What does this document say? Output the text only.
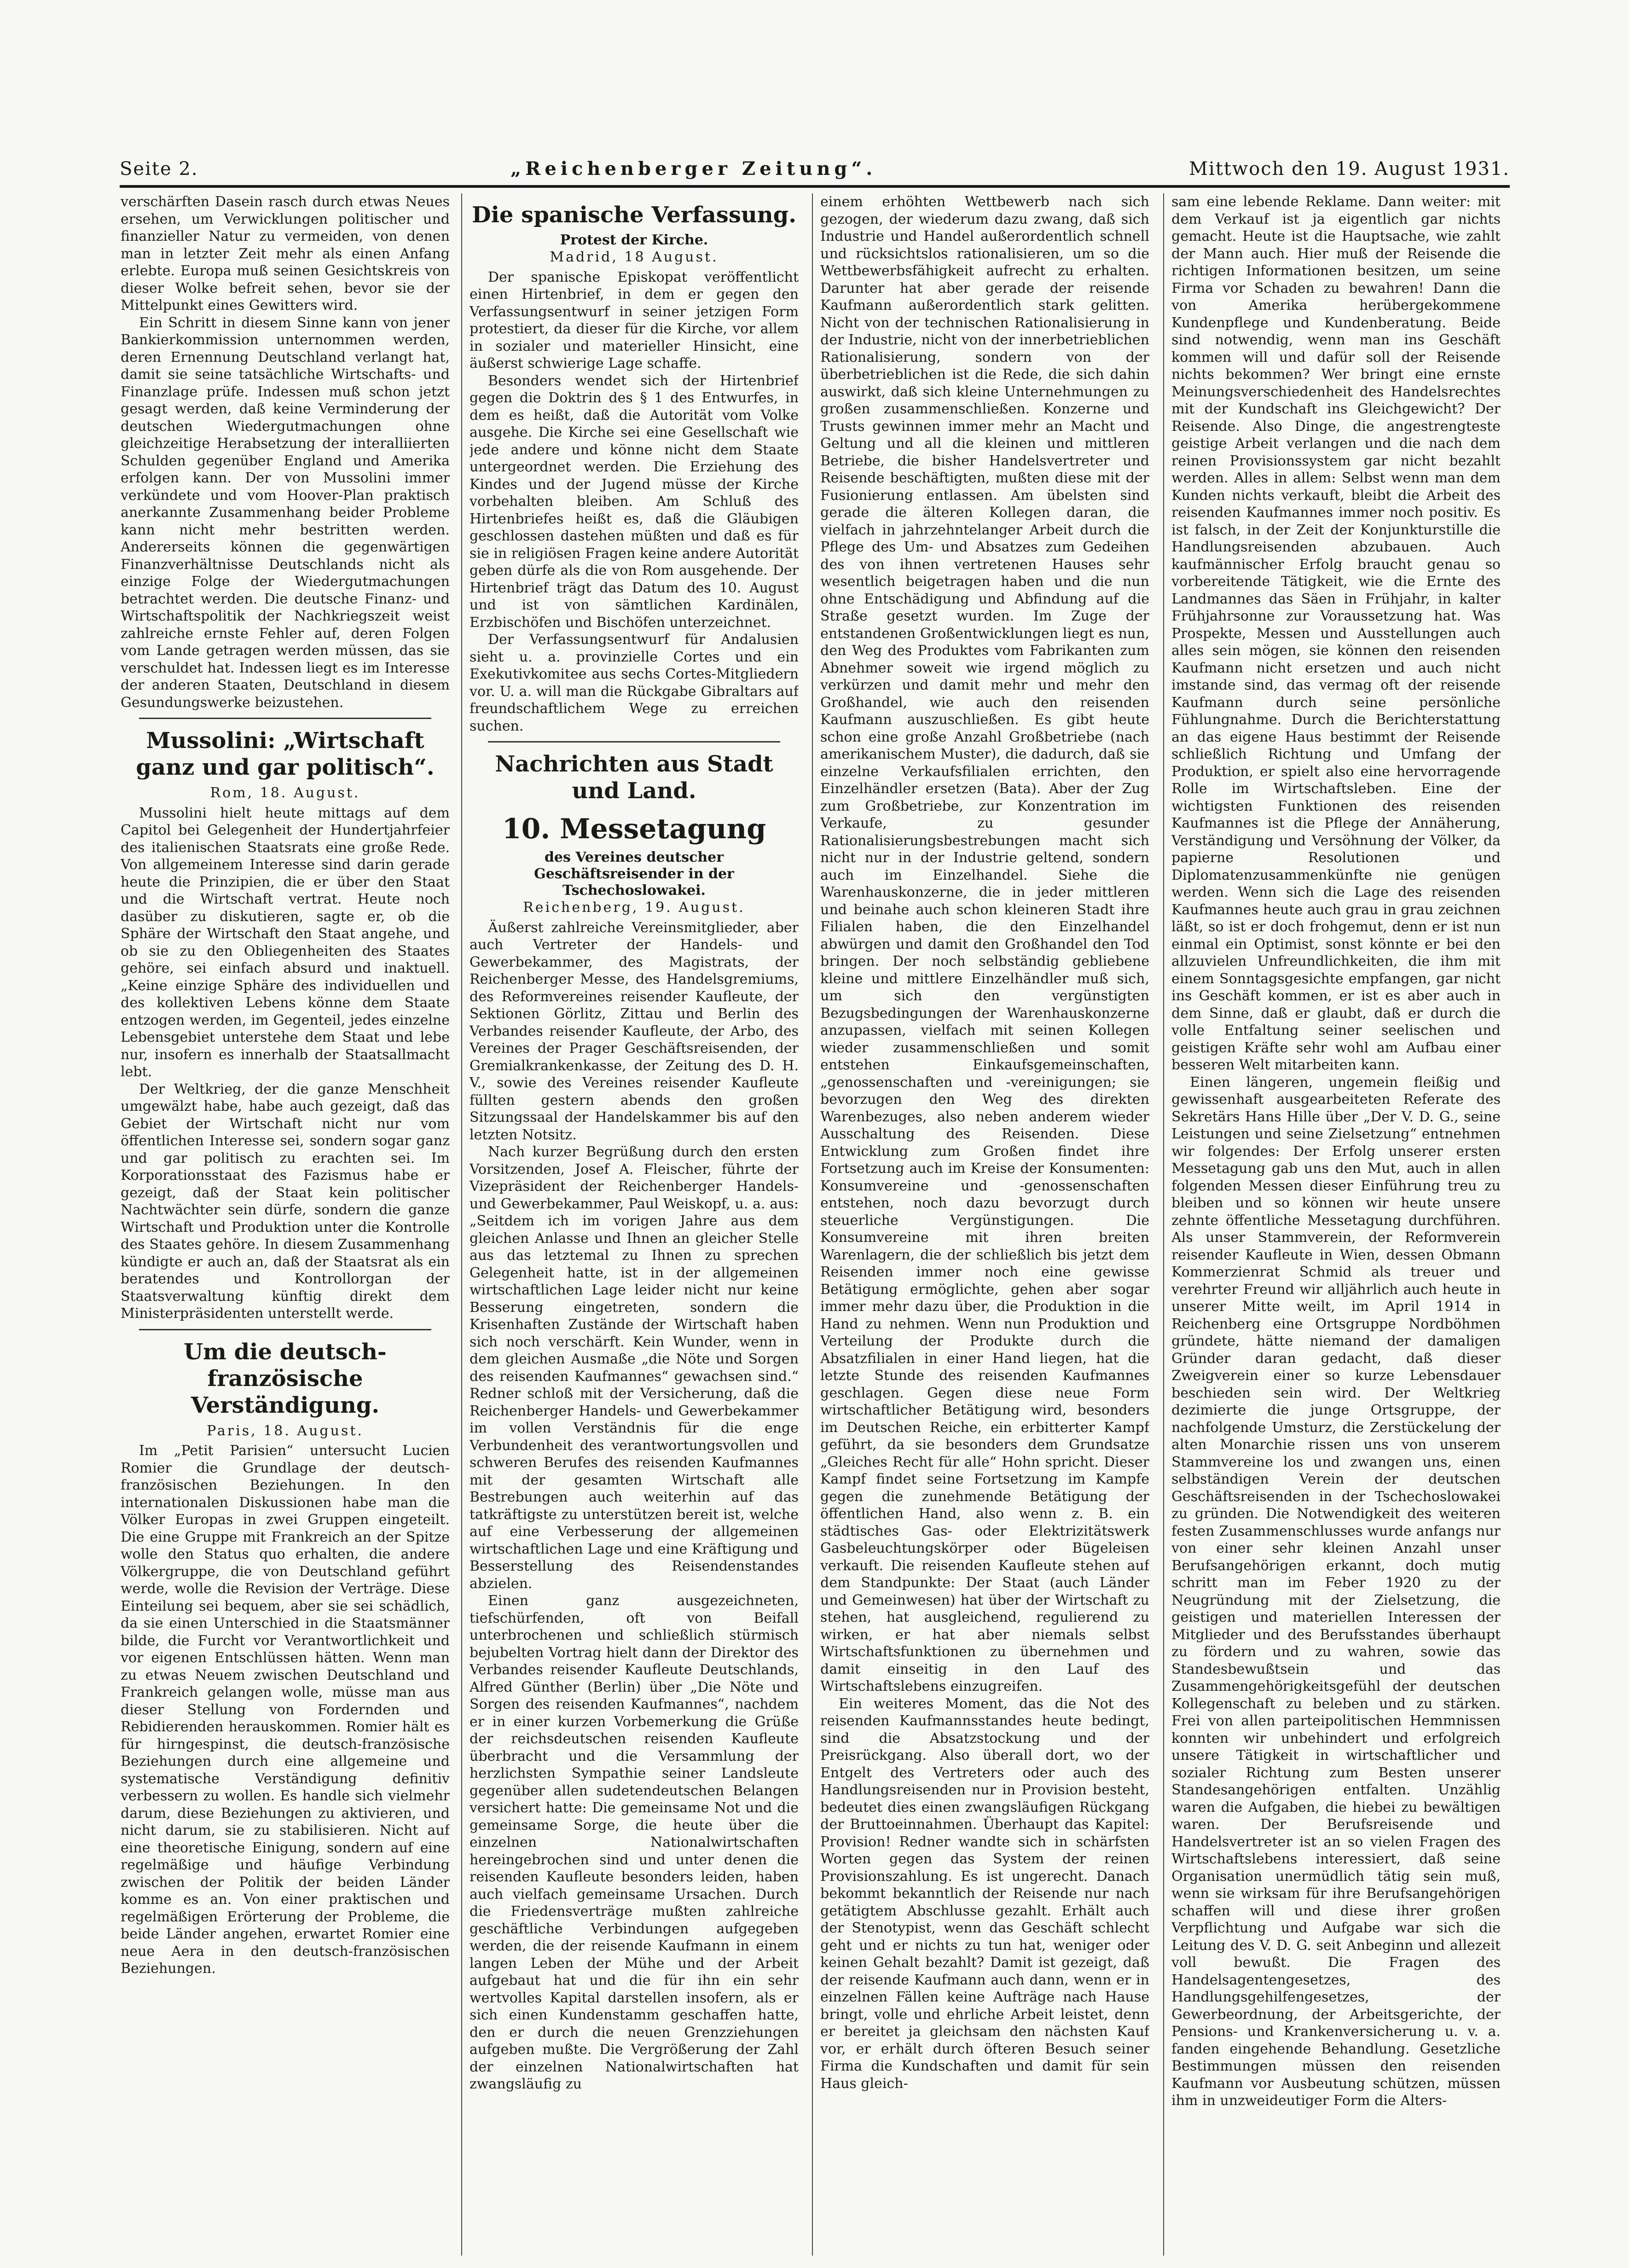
Seite 2.	„Reichenberger Zeitung“.	Mittwoch den 19. August 1931.

verschärften Dasein rasch durch etwas Neues ersehen, um Verwicklungen politischer und finanzieller Natur zu vermeiden, von denen man in letzter Zeit mehr als einen Anfang erlebte. Europa muß seinen Gesichtskreis von dieser Wolke befreit sehen, bevor sie der Mittelpunkt eines Gewitters wird.

Ein Schritt in diesem Sinne kann von jener Bankierkommission unternommen werden, deren Ernennung Deutschland verlangt hat, damit sie seine tatsächliche Wirtschafts- und Finanzlage prüfe. Indessen muß schon jetzt gesagt werden, daß keine Verminderung der deutschen Wiedergutmachungen ohne gleichzeitige Herabsetzung der interalliierten Schulden gegenüber England und Amerika erfolgen kann. Der von Mussolini immer verkündete und vom Hoover-Plan praktisch anerkannte Zusammenhang beider Probleme kann nicht mehr bestritten werden. Andererseits können die gegenwärtigen Finanzverhältnisse Deutschlands nicht als einzige Folge der Wiedergutmachungen betrachtet werden. Die deutsche Finanz- und Wirtschaftspolitik der Nachkriegszeit weist zahlreiche ernste Fehler auf, deren Folgen vom Lande getragen werden müssen, das sie verschuldet hat. Indessen liegt es im Interesse der anderen Staaten, Deutschland in diesem Gesundungswerke beizustehen.

Mussolini: „Wirtschaft ganz und gar politisch“.
Rom, 18. August.

Mussolini hielt heute mittags auf dem Capitol bei Gelegenheit der Hundertjahrfeier des italienischen Staatsrats eine große Rede. Von allgemeinem Interesse sind darin gerade heute die Prinzipien, die er über den Staat und die Wirtschaft vertrat. Heute noch dasüber zu diskutieren, sagte er, ob die Sphäre der Wirtschaft den Staat angehe, und ob sie zu den Obliegenheiten des Staates gehöre, sei einfach absurd und inaktuell. „Keine einzige Sphäre des individuellen und des kollektiven Lebens könne dem Staate entzogen werden, im Gegenteil, jedes einzelne Lebensgebiet unterstehe dem Staat und lebe nur, insofern es innerhalb der Staatsallmacht lebt.

Der Weltkrieg, der die ganze Menschheit umgewälzt habe, habe auch gezeigt, daß das Gebiet der Wirtschaft nicht nur vom öffentlichen Interesse sei, sondern sogar ganz und gar politisch zu erachten sei. Im Korporationsstaat des Fazismus habe er gezeigt, daß der Staat kein politischer Nachtwächter sein dürfe, sondern die ganze Wirtschaft und Produktion unter die Kontrolle des Staates gehöre. In diesem Zusammenhang kündigte er auch an, daß der Staatsrat als ein beratendes und Kontrollorgan der Staatsverwaltung künftig direkt dem Ministerpräsidenten unterstellt werde.

Um die deutsch-französische Verständigung.
Paris, 18. August.

Im „Petit Parisien“ untersucht Lucien Romier die Grundlage der deutsch-französischen Beziehungen. In den internationalen Diskussionen habe man die Völker Europas in zwei Gruppen eingeteilt. Die eine Gruppe mit Frankreich an der Spitze wolle den Status quo erhalten, die andere Völkergruppe, die von Deutschland geführt werde, wolle die Revision der Verträge. Diese Einteilung sei bequem, aber sie sei schädlich, da sie einen Unterschied in die Staatsmänner bilde, die Furcht vor Verantwortlichkeit und vor eigenen Entschlüssen hätten. Wenn man zu etwas Neuem zwischen Deutschland und Frankreich gelangen wolle, müsse man aus dieser Stellung von Fordernden und Rebidierenden herauskommen. Romier hält es für hirngespinst, die deutsch-französische Beziehungen durch eine allgemeine und systematische Verständigung definitiv verbessern zu wollen. Es handle sich vielmehr darum, diese Beziehungen zu aktivieren, und nicht darum, sie zu stabilisieren. Nicht auf eine theoretische Einigung, sondern auf eine regelmäßige und häufige Verbindung zwischen der Politik der beiden Länder komme es an. Von einer praktischen und regelmäßigen Erörterung der Probleme, die beide Länder angehen, erwartet Romier eine neue Aera in den deutsch-französischen Beziehungen.

Die spanische Verfassung.
Protest der Kirche.
Madrid, 18 August.

Der spanische Episkopat veröffentlicht einen Hirtenbrief, in dem er gegen den Verfassungsentwurf in seiner jetzigen Form protestiert, da dieser für die Kirche, vor allem in sozialer und materieller Hinsicht, eine äußerst schwierige Lage schaffe.

Besonders wendet sich der Hirtenbrief gegen die Doktrin des § 1 des Entwurfes, in dem es heißt, daß die Autorität vom Volke ausgehe. Die Kirche sei eine Gesellschaft wie jede andere und könne nicht dem Staate untergeordnet werden. Die Erziehung des Kindes und der Jugend müsse der Kirche vorbehalten bleiben. Am Schluß des Hirtenbriefes heißt es, daß die Gläubigen geschlossen dastehen müßten und daß es für sie in religiösen Fragen keine andere Autorität geben dürfe als die von Rom ausgehende. Der Hirtenbrief trägt das Datum des 10. August und ist von sämtlichen Kardinälen, Erzbischöfen und Bischöfen unterzeichnet.

Der Verfassungsentwurf für Andalusien sieht u. a. provinzielle Cortes und ein Exekutivkomitee aus sechs Cortes-Mitgliedern vor. U. a. will man die Rückgabe Gibraltars auf freundschaftlichem Wege zu erreichen suchen.

Nachrichten aus Stadt und Land.
10. Messetagung
des Vereines deutscher Geschäftsreisender in der Tschechoslowakei.
Reichenberg, 19. August.

Äußerst zahlreiche Vereinsmitglieder, aber auch Vertreter der Handels- und Gewerbekammer, des Magistrats, der Reichenberger Messe, des Handelsgremiums, des Reformvereines reisender Kaufleute, der Sektionen Görlitz, Zittau und Berlin des Verbandes reisender Kaufleute, der Arbo, des Vereines der Prager Geschäftsreisenden, der Gremialkrankenkasse, der Zeitung des D. H. V., sowie des Vereines reisender Kaufleute füllten gestern abends den großen Sitzungssaal der Handelskammer bis auf den letzten Notsitz.

Nach kurzer Begrüßung durch den ersten Vorsitzenden, Josef A. Fleischer, führte der Vizepräsident der Reichenberger Handels- und Gewerbekammer, Paul Weiskopf, u. a. aus: „Seitdem ich im vorigen Jahre aus dem gleichen Anlasse und Ihnen an gleicher Stelle aus das letztemal zu Ihnen zu sprechen Gelegenheit hatte, ist in der allgemeinen wirtschaftlichen Lage leider nicht nur keine Besserung eingetreten, sondern die Krisenhaften Zustände der Wirtschaft haben sich noch verschärft. Kein Wunder, wenn in dem gleichen Ausmaße „die Nöte und Sorgen des reisenden Kaufmannes“ gewachsen sind.“ Redner schloß mit der Versicherung, daß die Reichenberger Handels- und Gewerbekammer im vollen Verständnis für die enge Verbundenheit des verantwortungsvollen und schweren Berufes des reisenden Kaufmannes mit der gesamten Wirtschaft alle Bestrebungen auch weiterhin auf das tatkräftigste zu unterstützen bereit ist, welche auf eine Verbesserung der allgemeinen wirtschaftlichen Lage und eine Kräftigung und Besserstellung des Reisendenstandes abzielen.

Einen ganz ausgezeichneten, tiefschürfenden, oft von Beifall unterbrochenen und schließlich stürmisch bejubelten Vortrag hielt dann der Direktor des Verbandes reisender Kaufleute Deutschlands, Alfred Günther (Berlin) über „Die Nöte und Sorgen des reisenden Kaufmannes“, nachdem er in einer kurzen Vorbemerkung die Grüße der reichsdeutschen reisenden Kaufleute überbracht und die Versammlung der herzlichsten Sympathie seiner Landsleute gegenüber allen sudetendeutschen Belangen versichert hatte: Die gemeinsame Not und die gemeinsame Sorge, die heute über die einzelnen Nationalwirtschaften hereingebrochen sind und unter denen die reisenden Kaufleute besonders leiden, haben auch vielfach gemeinsame Ursachen. Durch die Friedensverträge mußten zahlreiche geschäftliche Verbindungen aufgegeben werden, die der reisende Kaufmann in einem langen Leben der Mühe und der Arbeit aufgebaut hat und die für ihn ein sehr wertvolles Kapital darstellen insofern, als er sich einen Kundenstamm geschaffen hatte, den er durch die neuen Grenzziehungen aufgeben mußte. Die Vergrößerung der Zahl der einzelnen Nationalwirtschaften hat zwangsläufig zu

einem erhöhten Wettbewerb nach sich gezogen, der wiederum dazu zwang, daß sich Industrie und Handel außerordentlich schnell und rücksichtslos rationalisieren, um so die Wettbewerbsfähigkeit aufrecht zu erhalten. Darunter hat aber gerade der reisende Kaufmann außerordentlich stark gelitten. Nicht von der technischen Rationalisierung in der Industrie, nicht von der innerbetrieblichen Rationalisierung, sondern von der überbetrieblichen ist die Rede, die sich dahin auswirkt, daß sich kleine Unternehmungen zu großen zusammenschließen. Konzerne und Trusts gewinnen immer mehr an Macht und Geltung und all die kleinen und mittleren Betriebe, die bisher Handelsvertreter und Reisende beschäftigten, mußten diese mit der Fusionierung entlassen. Am übelsten sind gerade die älteren Kollegen daran, die vielfach in jahrzehntelanger Arbeit durch die Pflege des Um- und Absatzes zum Gedeihen des von ihnen vertretenen Hauses sehr wesentlich beigetragen haben und die nun ohne Entschädigung und Abfindung auf die Straße gesetzt wurden. Im Zuge der entstandenen Großentwicklungen liegt es nun, den Weg des Produktes vom Fabrikanten zum Abnehmer soweit wie irgend möglich zu verkürzen und damit mehr und mehr den Großhandel, wie auch den reisenden Kaufmann auszuschließen. Es gibt heute schon eine große Anzahl Großbetriebe (nach amerikanischem Muster), die dadurch, daß sie einzelne Verkaufsfilialen errichten, den Einzelhändler ersetzen (Bata). Aber der Zug zum Großbetriebe, zur Konzentration im Verkaufe, zu gesunder Rationalisierungsbestrebungen macht sich nicht nur in der Industrie geltend, sondern auch im Einzelhandel. Siehe die Warenhauskonzerne, die in jeder mittleren und beinahe auch schon kleineren Stadt ihre Filialen haben, die den Einzelhandel abwürgen und damit den Großhandel den Tod bringen. Der noch selbständig gebliebene kleine und mittlere Einzelhändler muß sich, um sich den vergünstigten Bezugsbedingungen der Warenhauskonzerne anzupassen, vielfach mit seinen Kollegen wieder zusammenschließen und somit entstehen Einkaufsgemeinschaften, „genossenschaften und -vereinigungen; sie bevorzugen den Weg des direkten Warenbezuges, also neben anderem wieder Ausschaltung des Reisenden. Diese Entwicklung zum Großen findet ihre Fortsetzung auch im Kreise der Konsumenten: Konsumvereine und -genossenschaften entstehen, noch dazu bevorzugt durch steuerliche Vergünstigungen. Die Konsumvereine mit ihren breiten Warenlagern, die der schließlich bis jetzt dem Reisenden immer noch eine gewisse Betätigung ermöglichte, gehen aber sogar immer mehr dazu über, die Produktion in die Hand zu nehmen. Wenn nun Produktion und Verteilung der Produkte durch die Absatzfilialen in einer Hand liegen, hat die letzte Stunde des reisenden Kaufmannes geschlagen. Gegen diese neue Form wirtschaftlicher Betätigung wird, besonders im Deutschen Reiche, ein erbitterter Kampf geführt, da sie besonders dem Grundsatze „Gleiches Recht für alle“ Hohn spricht. Dieser Kampf findet seine Fortsetzung im Kampfe gegen die zunehmende Betätigung der öffentlichen Hand, also wenn z. B. ein städtisches Gas- oder Elektrizitätswerk Gasbeleuchtungskörper oder Bügeleisen verkauft. Die reisenden Kaufleute stehen auf dem Standpunkte: Der Staat (auch Länder und Gemeinwesen) hat über der Wirtschaft zu stehen, hat ausgleichend, regulierend zu wirken, er hat aber niemals selbst Wirtschaftsfunktionen zu übernehmen und damit einseitig in den Lauf des Wirtschaftslebens einzugreifen.

Ein weiteres Moment, das die Not des reisenden Kaufmannsstandes heute bedingt, sind die Absatzstockung und der Preisrückgang. Also überall dort, wo der Entgelt des Vertreters oder auch des Handlungsreisenden nur in Provision besteht, bedeutet dies einen zwangsläufigen Rückgang der Bruttoeinnahmen. Überhaupt das Kapitel: Provision! Redner wandte sich in schärfsten Worten gegen das System der reinen Provisionszahlung. Es ist ungerecht. Danach bekommt bekanntlich der Reisende nur nach getätigtem Abschlusse gezahlt. Erhält auch der Stenotypist, wenn das Geschäft schlecht geht und er nichts zu tun hat, weniger oder keinen Gehalt bezahlt? Damit ist gezeigt, daß der reisende Kaufmann auch dann, wenn er in einzelnen Fällen keine Aufträge nach Hause bringt, volle und ehrliche Arbeit leistet, denn er bereitet ja gleichsam den nächsten Kauf vor, er erhält durch öfteren Besuch seiner Firma die Kundschaften und damit für sein Haus gleich-

sam eine lebende Reklame. Dann weiter: mit dem Verkauf ist ja eigentlich gar nichts gemacht. Heute ist die Hauptsache, wie zahlt der Mann auch. Hier muß der Reisende die richtigen Informationen besitzen, um seine Firma vor Schaden zu bewahren! Dann die von Amerika herübergekommene Kundenpflege und Kundenberatung. Beide sind notwendig, wenn man ins Geschäft kommen will und dafür soll der Reisende nichts bekommen? Wer bringt eine ernste Meinungsverschiedenheit des Handelsrechtes mit der Kundschaft ins Gleichgewicht? Der Reisende. Also Dinge, die angestrengteste geistige Arbeit verlangen und die nach dem reinen Provisionssystem gar nicht bezahlt werden. Alles in allem: Selbst wenn man dem Kunden nichts verkauft, bleibt die Arbeit des reisenden Kaufmannes immer noch positiv. Es ist falsch, in der Zeit der Konjunkturstille die Handlungsreisenden abzubauen. Auch kaufmännischer Erfolg braucht genau so vorbereitende Tätigkeit, wie die Ernte des Landmannes das Säen in Frühjahr, in kalter Frühjahrsonne zur Voraussetzung hat. Was Prospekte, Messen und Ausstellungen auch alles sein mögen, sie können den reisenden Kaufmann nicht ersetzen und auch nicht imstande sind, das vermag oft der reisende Kaufmann durch seine persönliche Fühlungnahme. Durch die Berichterstattung an das eigene Haus bestimmt der Reisende schließlich Richtung und Umfang der Produktion, er spielt also eine hervorragende Rolle im Wirtschaftsleben. Eine der wichtigsten Funktionen des reisenden Kaufmannes ist die Pflege der Annäherung, Verständigung und Versöhnung der Völker, da papierne Resolutionen und Diplomatenzusammenkünfte nie genügen werden. Wenn sich die Lage des reisenden Kaufmannes heute auch grau in grau zeichnen läßt, so ist er doch frohgemut, denn er ist nun einmal ein Optimist, sonst könnte er bei den allzuvielen Unfreundlichkeiten, die ihm mit einem Sonntagsgesichte empfangen, gar nicht ins Geschäft kommen, er ist es aber auch in dem Sinne, daß er glaubt, daß er durch die volle Entfaltung seiner seelischen und geistigen Kräfte sehr wohl am Aufbau einer besseren Welt mitarbeiten kann.

Einen längeren, ungemein fleißig und gewissenhaft ausgearbeiteten Referate des Sekretärs Hans Hille über „Der V. D. G., seine Leistungen und seine Zielsetzung“ entnehmen wir folgendes: Der Erfolg unserer ersten Messetagung gab uns den Mut, auch in allen folgenden Messen dieser Einführung treu zu bleiben und so können wir heute unsere zehnte öffentliche Messetagung durchführen. Als unser Stammverein, der Reformverein reisender Kaufleute in Wien, dessen Obmann Kommerzienrat Schmid als treuer und verehrter Freund wir alljährlich auch heute in unserer Mitte weilt, im April 1914 in Reichenberg eine Ortsgruppe Nordböhmen gründete, hätte niemand der damaligen Gründer daran gedacht, daß dieser Zweigverein einer so kurze Lebensdauer beschieden sein wird. Der Weltkrieg dezimierte die junge Ortsgruppe, der nachfolgende Umsturz, die Zerstückelung der alten Monarchie rissen uns von unserem Stammvereine los und zwangen uns, einen selbständigen Verein der deutschen Geschäftsreisenden in der Tschechoslowakei zu gründen. Die Notwendigkeit des weiteren festen Zusammenschlusses wurde anfangs nur von einer sehr kleinen Anzahl unser Berufsangehörigen erkannt, doch mutig schritt man im Feber 1920 zu der Neugründung mit der Zielsetzung, die geistigen und materiellen Interessen der Mitglieder und des Berufsstandes überhaupt zu fördern und zu wahren, sowie das Standesbewußtsein und das Zusammengehörigkeitsgefühl der deutschen Kollegenschaft zu beleben und zu stärken. Frei von allen parteipolitischen Hemmnissen konnten wir unbehindert und erfolgreich unsere Tätigkeit in wirtschaftlicher und sozialer Richtung zum Besten unserer Standesangehörigen entfalten. Unzählig waren die Aufgaben, die hiebei zu bewältigen waren. Der Berufsreisende und Handelsvertreter ist an so vielen Fragen des Wirtschaftslebens interessiert, daß seine Organisation unermüdlich tätig sein muß, wenn sie wirksam für ihre Berufsangehörigen schaffen will und diese ihrer großen Verpflichtung und Aufgabe war sich die Leitung des V. D. G. seit Anbeginn und allezeit voll bewußt. Die Fragen des Handelsagentengesetzes, des Handlungsgehilfengesetzes, der Gewerbeordnung, der Arbeitsgerichte, der Pensions- und Krankenversicherung u. v. a. fanden eingehende Behandlung. Gesetzliche Bestimmungen müssen den reisenden Kaufmann vor Ausbeutung schützen, müssen ihm in unzweideutiger Form die Alters-
